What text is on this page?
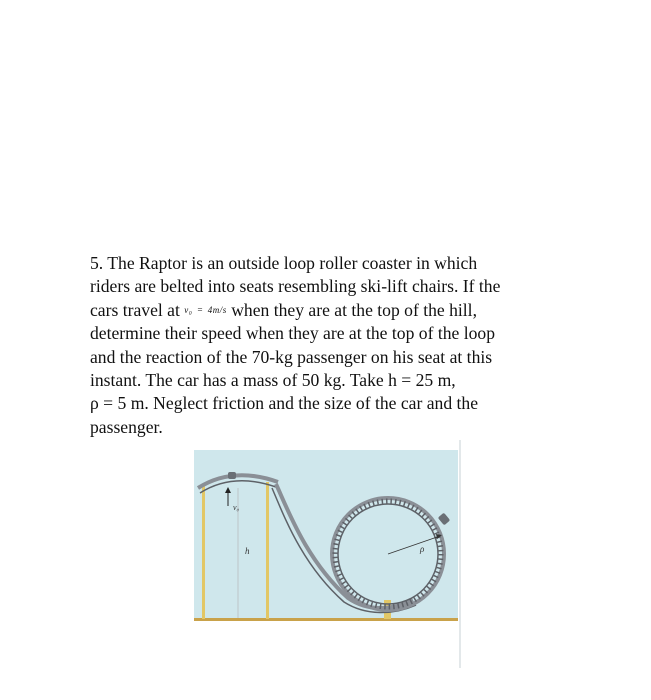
5. The Raptor is an outside loop roller coaster in which
riders are belted into seats resembling ski-lift chairs. If the
cars travel at v₀ = 4m/s when they are at the top of the hill,
determine their speed when they are at the top of the loop
and the reaction of the 70-kg passenger on his seat at this
instant. The car has a mass of 50 kg. Take h = 25 m,
ρ = 5 m. Neglect friction and the size of the car and the
passenger.
v₀
h	ρ
